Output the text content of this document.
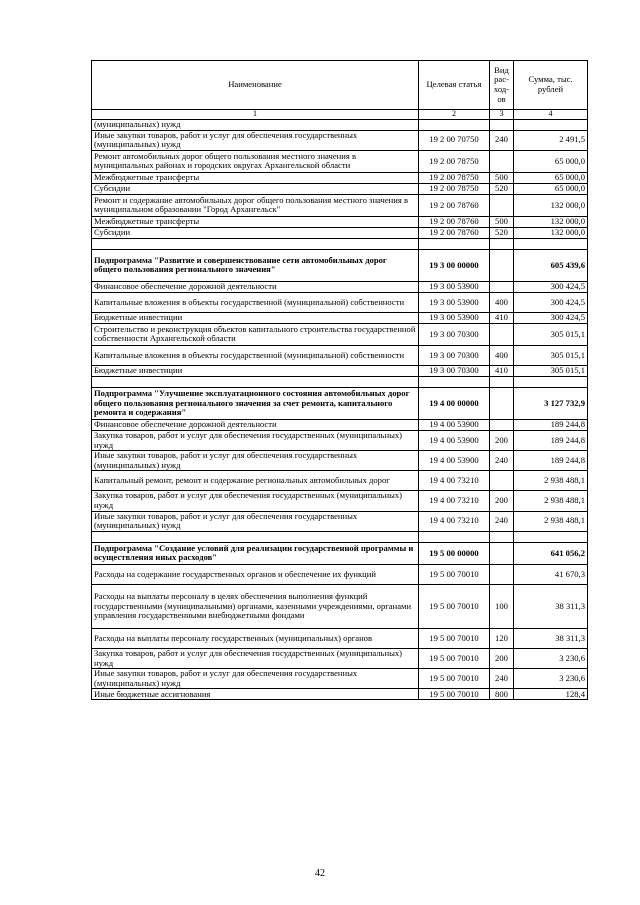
Наименование	Целевая статья	Вид рас-ход-ов	Сумма, тыс. рублей
1	2	3	4
(муниципальных) нужд			
Иные закупки товаров, работ и услуг для обеспечения государственных (муниципальных) нужд	19 2 00 70750	240	2 491,5
Ремонт автомобильных дорог общего пользования местного значения в муниципальных районах и городских округах Архангельской области	19 2 00 78750		65 000,0
Межбюджетные трансферты	19 2 00 78750	500	65 000,0
Субсидии	19 2 00 78750	520	65 000,0
Ремонт и содержание автомобильных дорог общего пользования местного значения в муниципальном образовании "Город Архангельск"	19 2 00 78760		132 000,0
Межбюджетные трансферты	19 2 00 78760	500	132 000,0
Субсидии	19 2 00 78760	520	132 000,0

Подпрограмма "Развитие и совершенствование сети автомобильных дорог общего пользования регионального значения"	19 3 00 00000		605 439,6
Финансовое обеспечение дорожной деятельности	19 3 00 53900		300 424,5
Капитальные вложения в объекты государственной (муниципальной) собственности	19 3 00 53900	400	300 424,5
Бюджетные инвестиции	19 3 00 53900	410	300 424,5
Строительство и реконструкция объектов капитального строительства государственной собственности Архангельской области	19 3 00 70300		305 015,1
Капитальные вложения в объекты государственной (муниципальной) собственности	19 3 00 70300	400	305 015,1
Бюджетные инвестиции	19 3 00 70300	410	305 015,1

Подпрограмма "Улучшение эксплуатационного состояния автомобильных дорог общего пользования регионального значения за счет ремонта, капитального ремонта и содержания"	19 4 00 00000		3 127 732,9
Финансовое обеспечение дорожной деятельности	19 4 00 53900		189 244,8
Закупка товаров, работ и услуг для обеспечения государственных (муниципальных) нужд	19 4 00 53900	200	189 244,8
Иные закупки товаров, работ и услуг для обеспечения государственных (муниципальных) нужд	19 4 00 53900	240	189 244,8
Капитальный ремонт, ремонт и содержание региональных автомобильных дорог	19 4 00 73210		2 938 488,1
Закупка товаров, работ и услуг для обеспечения государственных (муниципальных) нужд	19 4 00 73210	200	2 938 488,1
Иные закупки товаров, работ и услуг для обеспечения государственных (муниципальных) нужд	19 4 00 73210	240	2 938 488,1

Подпрограмма "Создание условий для реализации государственной программы и осуществления иных расходов"	19 5 00 00000		641 056,2
Расходы на содержание государственных органов и обеспечение их функций	19 5 00 70010		41 670,3
Расходы на выплаты персоналу в целях обеспечения выполнения функций государственными (муниципальными) органами, казенными учреждениями, органами управления государственными внебюджетными фондами	19 5 00 70010	100	38 311,3
Расходы на выплаты персоналу государственных (муниципальных) органов	19 5 00 70010	120	38 311,3
Закупка товаров, работ и услуг для обеспечения государственных (муниципальных) нужд	19 5 00 70010	200	3 230,6
Иные закупки товаров, работ и услуг для обеспечения государственных (муниципальных) нужд	19 5 00 70010	240	3 230,6
Иные бюджетные ассигнования	19 5 00 70010	800	128,4
42
